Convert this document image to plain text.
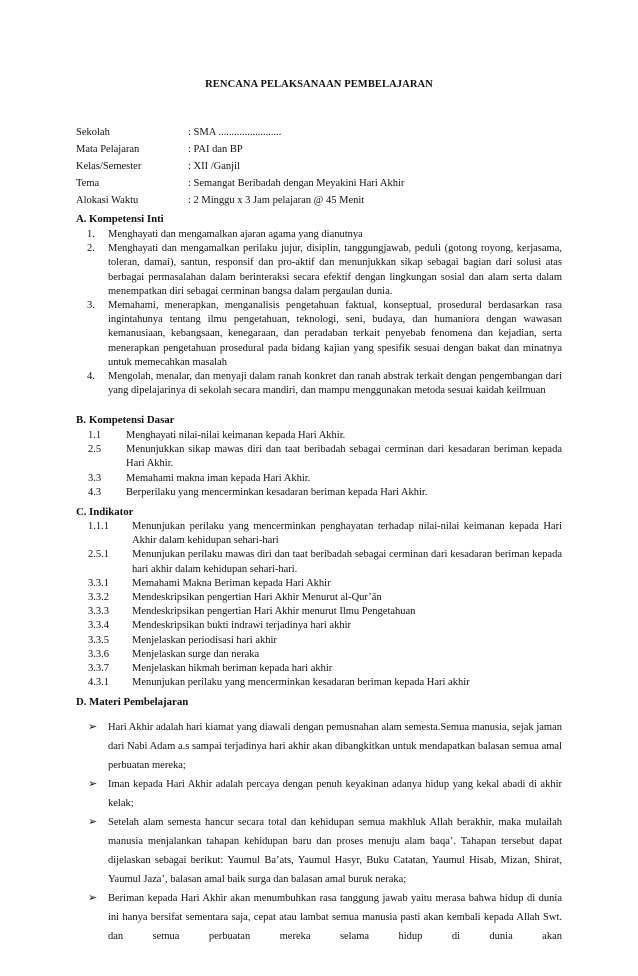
RENCANA PELAKSANAAN PEMBELAJARAN
Sekolah	: SMA ........................
Mata Pelajaran	: PAI dan BP
Kelas/Semester	: XII /Ganjil
Tema	: Semangat Beribadah dengan Meyakini Hari Akhir
Alokasi Waktu	: 2 Minggu x 3 Jam pelajaran @ 45 Menit
A. Kompetensi Inti
1. Menghayati dan mengamalkan ajaran agama yang dianutnya
2. Menghayati dan mengamalkan perilaku jujur, disiplin, tanggungjawab, peduli (gotong royong, kerjasama, toleran, damai), santun, responsif dan pro-aktif dan menunjukkan sikap sebagai bagian dari solusi atas berbagai permasalahan dalam berinteraksi secara efektif dengan lingkungan sosial dan alam serta dalam menempatkan diri sebagai cerminan bangsa dalam pergaulan dunia.
3. Memahami, menerapkan, menganalisis pengetahuan faktual, konseptual, prosedural berdasarkan rasa ingintahunya tentang ilmu pengetahuan, teknologi, seni, budaya, dan humaniora dengan wawasan kemanusiaan, kebangsaan, kenegaraan, dan peradaban terkait penyebab fenomena dan kejadian, serta menerapkan pengetahuan prosedural pada bidang kajian yang spesifik sesuai dengan bakat dan minatnya untuk memecahkan masalah
4. Mengolah, menalar, dan menyaji dalam ranah konkret dan ranah abstrak terkait dengan pengembangan dari yang dipelajarinya di sekolah secara mandiri, dan mampu menggunakan metoda sesuai kaidah keilmuan
B. Kompetensi Dasar
1.1 Menghayati nilai-nilai keimanan kepada Hari Akhir.
2.5 Menunjukkan sikap mawas diri dan taat beribadah sebagai cerminan dari kesadaran beriman kepada Hari Akhir.
3.3 Memahami makna iman kepada Hari Akhir.
4.3 Berperilaku yang mencerminkan kesadaran beriman kepada Hari Akhir.
C. Indikator
1.1.1 Menunjukan perilaku yang mencerminkan penghayatan terhadap nilai-nilai keimanan kepada Hari Akhir dalam kehidupan sehari-hari
2.5.1 Menunjukan perilaku mawas diri dan taat beribadah sebagai cerminan dari kesadaran beriman kepada hari akhir dalam kehidupan sehari-hari.
3.3.1 Memahami Makna Beriman kepada Hari Akhir
3.3.2 Mendeskripsikan pengertian Hari Akhir Menurut al-Qur’ān
3.3.3 Mendeskripsikan pengertian Hari Akhir menurut Ilmu Pengetahuan
3.3.4 Mendeskripsikan bukti indrawi terjadinya hari akhir
3.3.5 Menjelaskan periodisasi hari akhir
3.3.6 Menjelaskan surge dan neraka
3.3.7 Menjelaskan hikmah beriman kepada hari akhir
4.3.1 Menunjukan perilaku yang mencerminkan kesadaran beriman kepada Hari akhir
D. Materi Pembelajaran
➢ Hari Akhir adalah hari kiamat yang diawali dengan pemusnahan alam semesta.Semua manusia, sejak jaman dari Nabi Adam a.s sampai terjadinya hari akhir akan dibangkitkan untuk mendapatkan balasan semua amal perbuatan mereka;
➢ Iman kepada Hari Akhir adalah percaya dengan penuh keyakinan adanya hidup yang kekal abadi di akhir kelak;
➢ Setelah alam semesta hancur secara total dan kehidupan semua makhluk Allah berakhir, maka mulailah manusia menjalankan tahapan kehidupan baru dan proses menuju alam baqa’. Tahapan tersebut dapat dijelaskan sebagai berikut: Yaumul Ba’ats, Yaumul Hasyr, Buku Catatan, Yaumul Hisab, Mizan, Shirat, Yaumul Jaza’, balasan amal baik surga dan balasan amal buruk neraka;
➢ Beriman kepada Hari Akhir akan menumbuhkan rasa tanggung jawab yaitu merasa bahwa hidup di dunia ini hanya bersifat sementara saja, cepat atau lambat semua manusia pasti akan kembali kepada Allah Swt. dan semua perbuatan mereka selama hidup di dunia akan
